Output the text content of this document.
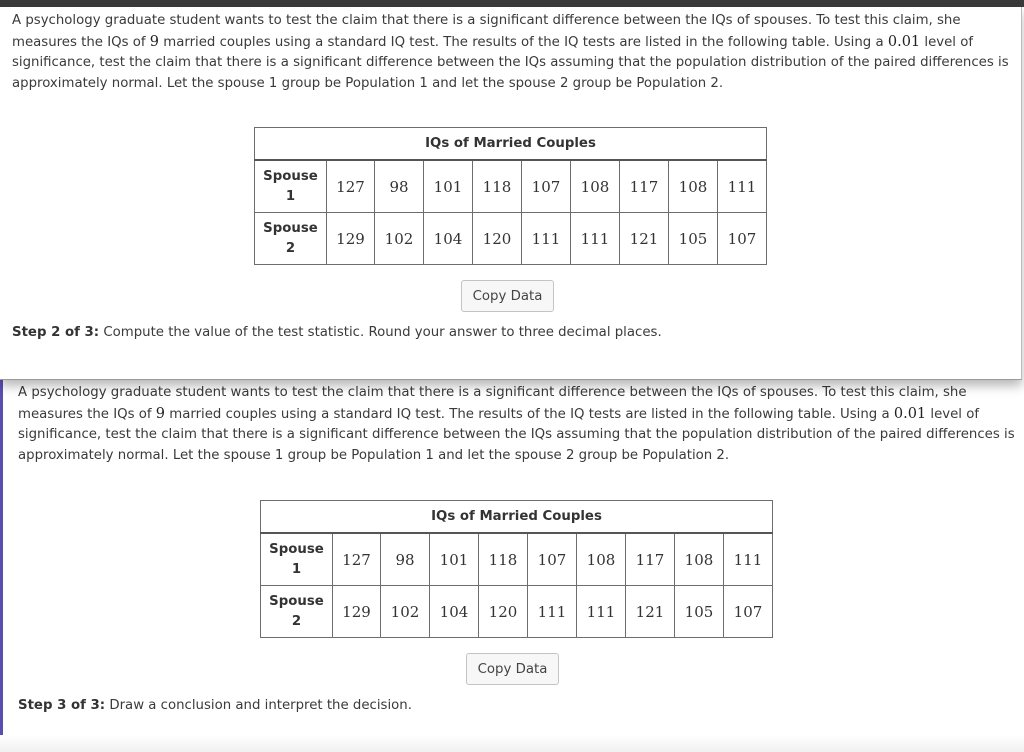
A psychology graduate student wants to test the claim that there is a significant difference between the IQs of spouses. To test this claim, she measures the IQs of 9 married couples using a standard IQ test. The results of the IQ tests are listed in the following table. Using a 0.01 level of significance, test the claim that there is a significant difference between the IQs assuming that the population distribution of the paired differences is approximately normal. Let the spouse 1 group be Population 1 and let the spouse 2 group be Population 2.
IQs of Married Couples									
Spouse
1	127	98	101	118	107	108	117	108	111
Spouse
2	129	102	104	120	111	111	121	105	107
Copy Data
Step 2 of 3: Compute the value of the test statistic. Round your answer to three decimal places.
A psychology graduate student wants to test the claim that there is a significant difference between the IQs of spouses. To test this claim, she measures the IQs of 9 married couples using a standard IQ test. The results of the IQ tests are listed in the following table. Using a 0.01 level of significance, test the claim that there is a significant difference between the IQs assuming that the population distribution of the paired differences is approximately normal. Let the spouse 1 group be Population 1 and let the spouse 2 group be Population 2.
IQs of Married Couples									
Spouse
1	127	98	101	118	107	108	117	108	111
Spouse
2	129	102	104	120	111	111	121	105	107
Copy Data
Step 3 of 3: Draw a conclusion and interpret the decision.
